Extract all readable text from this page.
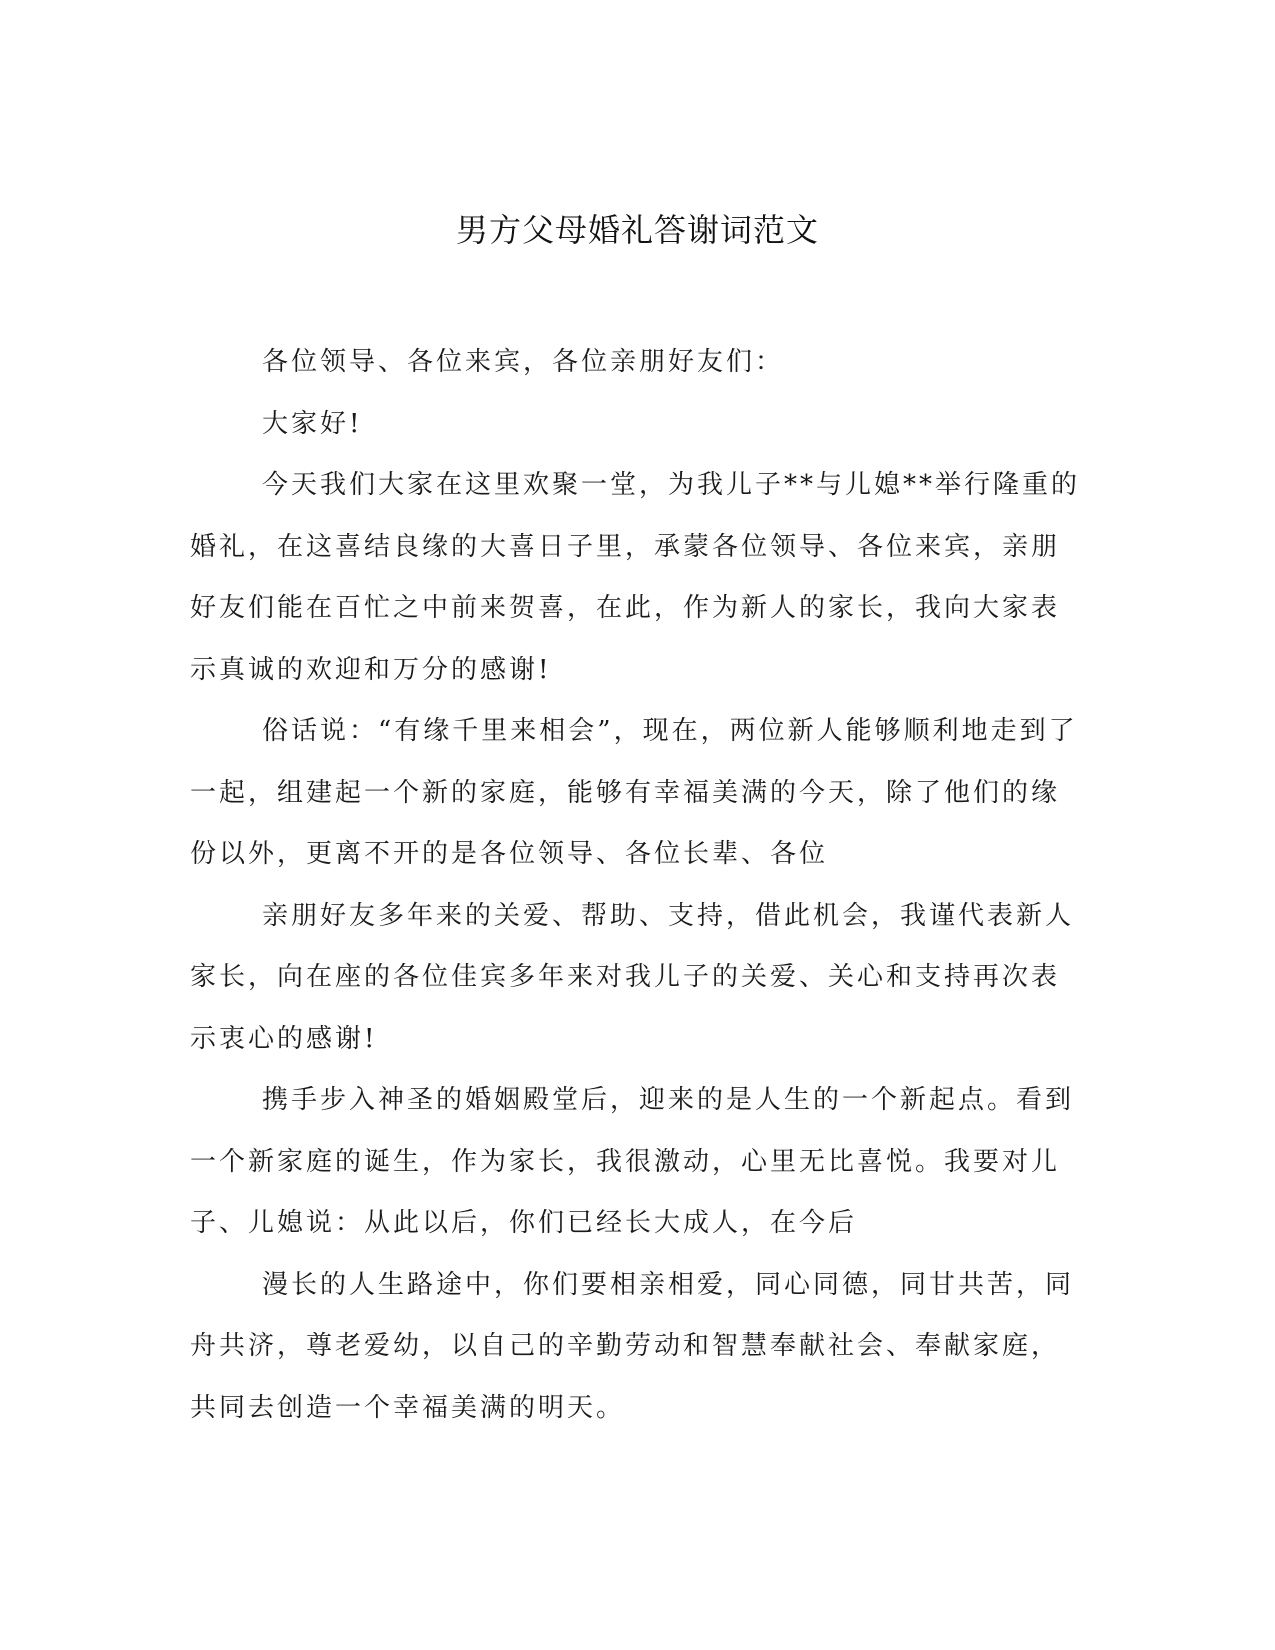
男方父母婚礼答谢词范文

各位领导、各位来宾，各位亲朋好友们：

大家好!

今天我们大家在这里欢聚一堂，为我儿子**与儿媳**举行隆重的
婚礼，在这喜结良缘的大喜日子里，承蒙各位领导、各位来宾，亲朋
好友们能在百忙之中前来贺喜，在此，作为新人的家长，我向大家表
示真诚的欢迎和万分的感谢!

俗话说：“有缘千里来相会”，现在，两位新人能够顺利地走到了
一起，组建起一个新的家庭，能够有幸福美满的今天，除了他们的缘
份以外，更离不开的是各位领导、各位长辈、各位

亲朋好友多年来的关爱、帮助、支持，借此机会，我谨代表新人
家长，向在座的各位佳宾多年来对我儿子的关爱、关心和支持再次表
示衷心的感谢!

携手步入神圣的婚姻殿堂后，迎来的是人生的一个新起点。看到
一个新家庭的诞生，作为家长，我很激动，心里无比喜悦。我要对儿
子、儿媳说：从此以后，你们已经长大成人，在今后

漫长的人生路途中，你们要相亲相爱，同心同德，同甘共苦，同
舟共济，尊老爱幼，以自己的辛勤劳动和智慧奉献社会、奉献家庭，
共同去创造一个幸福美满的明天。
